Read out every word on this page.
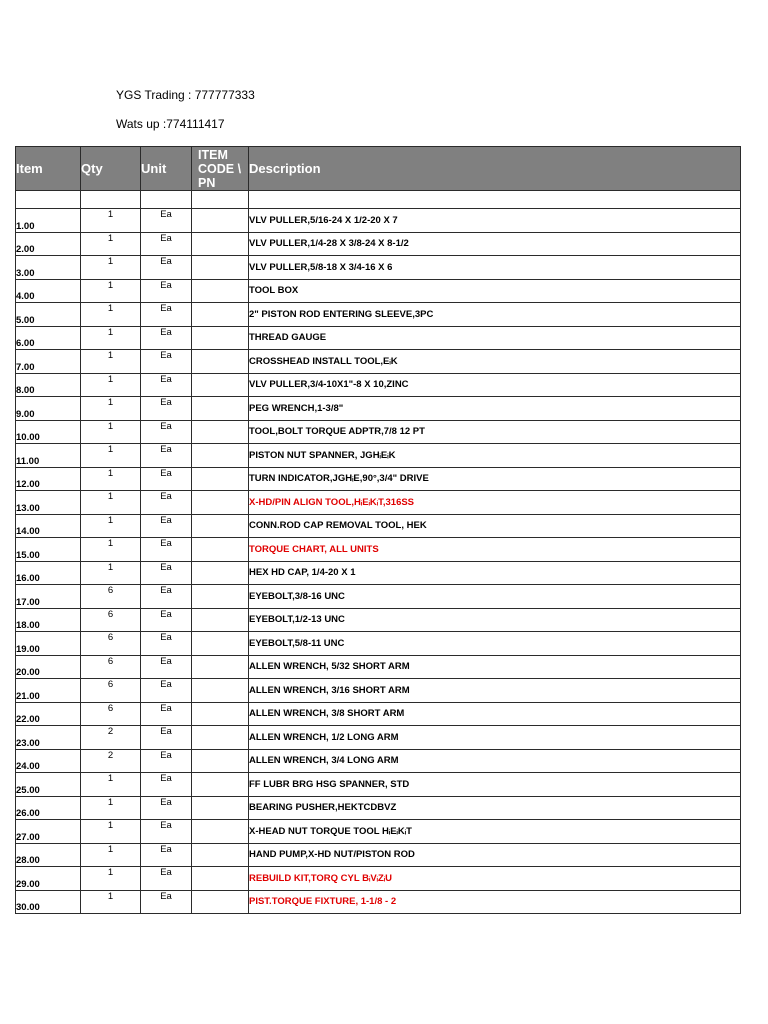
YGS Trading : 777777333
Wats up :774111417
Item	Qty	Unit	ITEM CODE \ PN	Description

1.00	1	Ea		VLV PULLER,5/16-24 X 1/2-20 X 7
2.00	1	Ea		VLV PULLER,1/4-28 X 3/8-24 X 8-1/2
3.00	1	Ea		VLV PULLER,5/8-18 X 3/4-16 X 6
4.00	1	Ea		TOOL BOX
5.00	1	Ea		2" PISTON ROD ENTERING SLEEVE,3PC
6.00	1	Ea		THREAD GAUGE
7.00	1	Ea		CROSSHEAD INSTALL TOOL,EᵢK
8.00	1	Ea		VLV PULLER,3/4-10X1"-8 X 10,ZINC
9.00	1	Ea		PEG WRENCH,1-3/8"
10.00	1	Ea		TOOL,BOLT TORQUE ADPTR,7/8 12 PT
11.00	1	Ea		PISTON NUT SPANNER, JGHᵢEᵢK
12.00	1	Ea		TURN INDICATOR,JGHᵢE,90°,3/4" DRIVE
13.00	1	Ea		X-HD/PIN ALIGN TOOL,HᵢEᵢKᵢT,316SS
14.00	1	Ea		CONN.ROD CAP REMOVAL TOOL, HEK
15.00	1	Ea		TORQUE CHART, ALL UNITS
16.00	1	Ea		HEX HD CAP, 1/4-20 X 1
17.00	6	Ea		EYEBOLT,3/8-16 UNC
18.00	6	Ea		EYEBOLT,1/2-13 UNC
19.00	6	Ea		EYEBOLT,5/8-11 UNC
20.00	6	Ea		ALLEN WRENCH, 5/32 SHORT ARM
21.00	6	Ea		ALLEN WRENCH, 3/16 SHORT ARM
22.00	6	Ea		ALLEN WRENCH, 3/8 SHORT ARM
23.00	2	Ea		ALLEN WRENCH, 1/2 LONG ARM
24.00	2	Ea		ALLEN WRENCH, 3/4 LONG ARM
25.00	1	Ea		FF LUBR BRG HSG SPANNER, STD
26.00	1	Ea		BEARING PUSHER,HEKTCDBVZ
27.00	1	Ea		X-HEAD NUT TORQUE TOOL HᵢEᵢKᵢT
28.00	1	Ea		HAND PUMP,X-HD NUT/PISTON ROD
29.00	1	Ea		REBUILD KIT,TORQ CYL BᵢVᵢZᵢU
30.00	1	Ea		PIST.TORQUE FIXTURE, 1-1/8 - 2
